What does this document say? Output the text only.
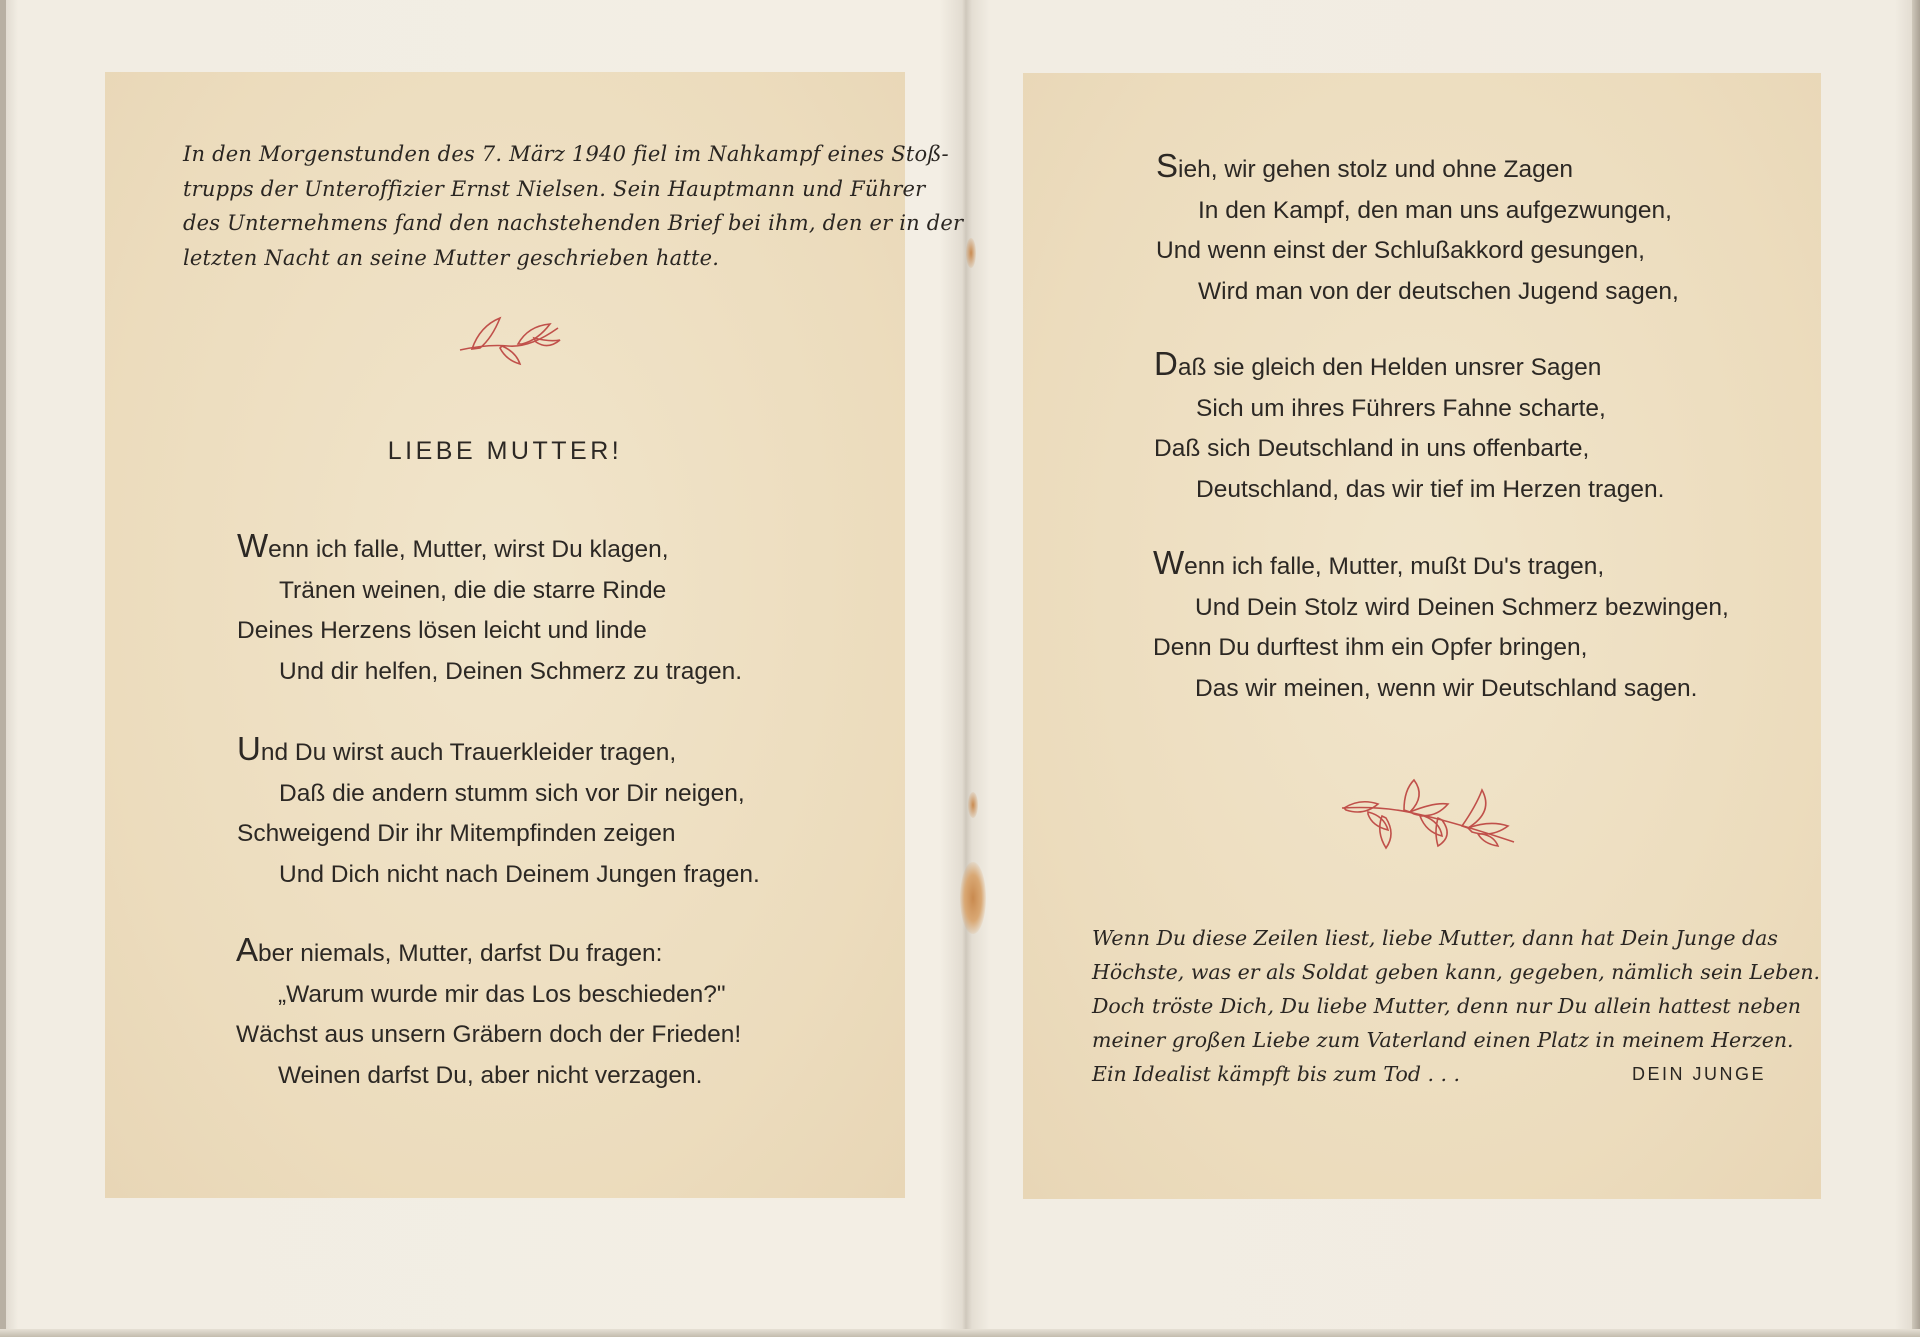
In den Morgenstunden des 7. März 1940 fiel im Nahkampf eines Stoß-
trupps der Unteroffizier Ernst Nielsen. Sein Hauptmann und Führer
des Unternehmens fand den nachstehenden Brief bei ihm, den er in der
letzten Nacht an seine Mutter geschrieben hatte.
LIEBE MUTTER!
Wenn ich falle, Mutter, wirst Du klagen,
Tränen weinen, die die starre Rinde
Deines Herzens lösen leicht und linde
Und dir helfen, Deinen Schmerz zu tragen.
Und Du wirst auch Trauerkleider tragen,
Daß die andern stumm sich vor Dir neigen,
Schweigend Dir ihr Mitempfinden zeigen
Und Dich nicht nach Deinem Jungen fragen.
Aber niemals, Mutter, darfst Du fragen:
„Warum wurde mir das Los beschieden?"
Wächst aus unsern Gräbern doch der Frieden!
Weinen darfst Du, aber nicht verzagen.
Sieh, wir gehen stolz und ohne Zagen
In den Kampf, den man uns aufgezwungen,
Und wenn einst der Schlußakkord gesungen,
Wird man von der deutschen Jugend sagen,
Daß sie gleich den Helden unsrer Sagen
Sich um ihres Führers Fahne scharte,
Daß sich Deutschland in uns offenbarte,
Deutschland, das wir tief im Herzen tragen.
Wenn ich falle, Mutter, mußt Du's tragen,
Und Dein Stolz wird Deinen Schmerz bezwingen,
Denn Du durftest ihm ein Opfer bringen,
Das wir meinen, wenn wir Deutschland sagen.
Wenn Du diese Zeilen liest, liebe Mutter, dann hat Dein Junge das
Höchste, was er als Soldat geben kann, gegeben, nämlich sein Leben.
Doch tröste Dich, Du liebe Mutter, denn nur Du allein hattest neben
meiner großen Liebe zum Vaterland einen Platz in meinem Herzen.
Ein Idealist kämpft bis zum Tod . . .	DEIN JUNGE
